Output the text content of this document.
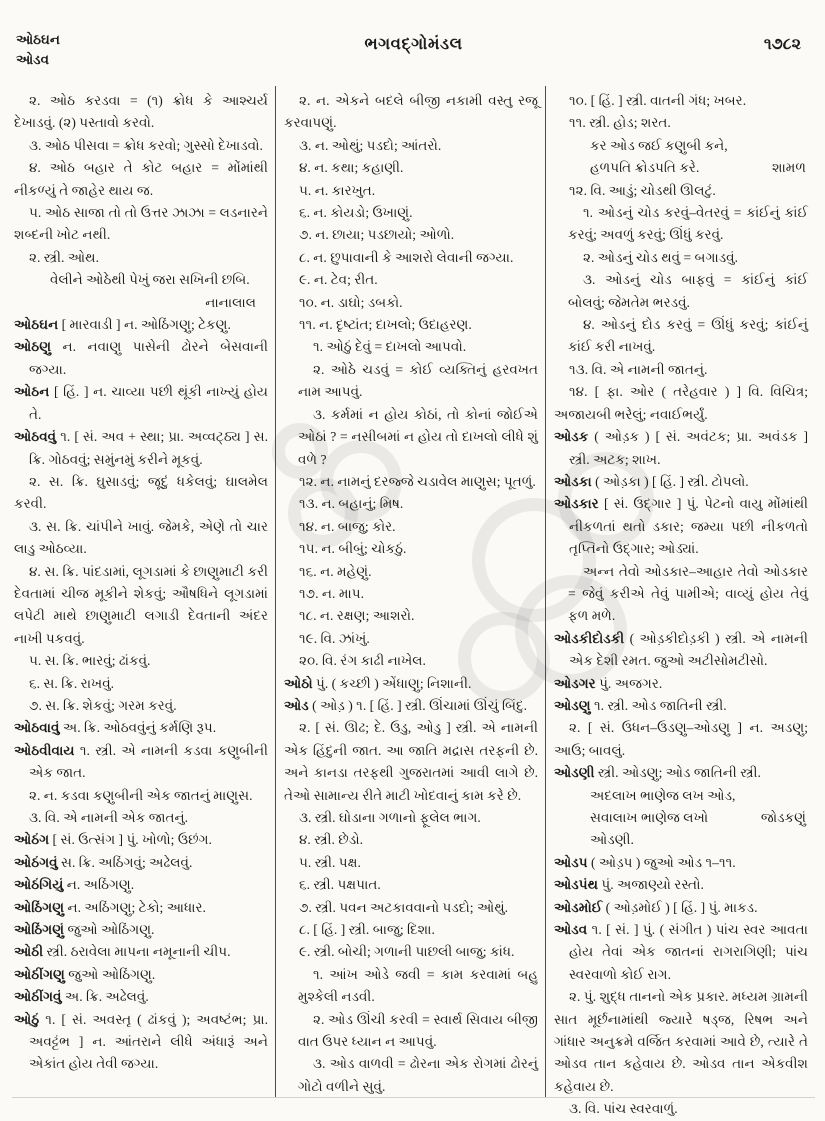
ઓઠઘન
ઓડવ
ભગવદ્ગોમંડલ	૧૭૮૨

૨. ઓઠ કરડવા = (૧) ક્રોધ કે આશ્ચર્ય દેખાડવું. (૨) પસ્તાવો કરવો.

૩. ઓઠ પીસવા = ક્રોધ કરવો; ગુસ્સો દેખાડવો.

૪. ઓઠ બહાર તે કોટ બહાર = મોંમાંથી નીકળ્યું તે જાહેર થાય જ.

૫. ઓઠ સાજા તો તો ઉત્તર ઝાઝા = લડનારને શબ્દની ખોટ નથી.

૨. સ્ત્રી. ઓથ.

વેલીને ઓઠેથી પેખું જરા સખિની છબિ.
નાનાલાલ

ઓઠઘન [ મારવાડી ] ન. ઓઠિંગણુ; ટેકણુ.

ઓઠણુ ન. નવાણુ પાસેની ઢોરને બેસવાની જગ્યા.

ઓઠન [ હિં. ] ન. ચાવ્યા પછી થૂંકી નાખ્યું હોય તે.

ઓઠવવું ૧. [ સં. અવ + સ્થા; પ્રા. અવ્વટ્ઠ્ય ] સ. ક્રિ. ગોઠવવું; સમુંનમું કરીને મૂકવું.

૨. સ. ક્રિ. ઘુસાડવું; જૂદું ધકેલવું; ઘાલમેલ કરવી.

૩. સ. ક્રિ. ચાંપીને ખાવું. જેમકે, એણે તો ચાર લાડુ ઓઠવ્યા.

૪. સ. ક્રિ. પાંદડામાં, લૂગડામાં કે છાણુમાટી કરી દેવતામાં ચીજ મૂકીને શેકવું; ઔષધિને લૂગડામાં લપેટી માથે છાણુમાટી લગાડી દેવતાની અંદર નાખી પકવવું.

૫. સ. ક્રિ. ભારવું; ઢાંકવું.

૬. સ. ક્રિ. રાખવું.

૭. સ. ક્રિ. શેકવું; ગરમ કરવું.

ઓઠવાવું અ. ક્રિ. ઓઠવવુંનું કર્મણિ રૂપ.

ઓઠવીવાય ૧. સ્ત્રી. એ નામની કડવા કણુબીની એક જાત.

૨. ન. કડવા કણુબીની એક જાતનું માણુસ.

૩. વિ. એ નામની એક જાતનું.

ઓઠંગ [ સં. ઉત્સંગ ] પું. ખોળો; ઉછંગ.

ઓઠંગવું સ. ક્રિ. અઠિંગવું; અઢેલવું.

ઓઠંગિયું ન. અઠિંગણુ.

ઓઠિંગણુ ન. અઠિંગણુ; ટેકો; આધાર.

ઓઠિંગણું જુઓ ઓઠિંગણુ.

ઓઠી સ્ત્રી. ઠરાવેલા માપના નમૂનાની ચીપ.

ઓઠીંગણુ જુઓ ઓઠિંગણુ.

ઓઠીંગવું અ. ક્રિ. અઢેલવું.

ઓઠું ૧. [ સં. અવસ્તૃ ( ઢાંકવું ); અવષ્ટંભ; પ્રા. અવટ્ટંભ ] ન. આંતરાને લીધે અંધારૂં અને એકાંત હોય તેવી જગ્યા.

૨. ન. એકને બદલે બીજી નકામી વસ્તુ રજૂ કરવાપણું.

૩. ન. ઓથું; પડદો; આંતરો.

૪. ન. કથા; કહાણી.

૫. ન. કારખુત.

૬. ન. કોયડો; ઉખાણું.

૭. ન. છાયા; પડછાયો; ઓળો.

૮. ન. છુપાવાની કે આશરો લેવાની જગ્યા.

૯. ન. ટેવ; રીત.

૧૦. ન. ડાઘો; ડબકો.

૧૧. ન. દૃષ્ટાંત; દાખલો; ઉદાહરણ.

૧. ઓઠું દેવું = દાખલો આપવો.

૨. ઓઠે ચડવું = કોઈ વ્યક્તિનું હરવખત નામ આપવું.

૩. કર્મમાં ન હોય કોઠાં, તો કોનાં જોઈએ ઓઠાં ? = નસીબમાં ન હોય તો દાખલો લીધે શું વળે ?

૧૨. ન. નામનું દરજ્જે ચડાવેલ માણુસ; પૂતળું.

૧૩. ન. બહાનું; મિષ.

૧૪. ન. બાજુ; કોર.

૧૫. ન. બીબું; ચોકઠું.

૧૬. ન. મહેણું.

૧૭. ન. માપ.

૧૮. ન. રક્ષણ; આશરો.

૧૯. વિ. ઝાંખું.

૨૦. વિ. રંગ કાઢી નાખેલ.

ઓઠો પું. ( કચ્છી ) એંધાણુ; નિશાની.

ઓડ ( ઓડ઼ ) ૧. [ હિં. ] સ્ત્રી. ઊંચામાં ઊંચું બિંદુ.

૨. [ સં. ઊઢ; દે. ઉડુ, ઓડુ ] સ્ત્રી. એ નામની એક હિંદુની જાત. આ જાતિ મદ્રાસ તરફની છે. અને કાનડા તરફથી ગુજરાતમાં આવી લાગે છે. તેઓ સામાન્ય રીતે માટી ખોદવાનું કામ કરે છે.

૩. સ્ત્રી. ઘોડાના ગળાનો ફૂલેલ ભાગ.

૪. સ્ત્રી. છેડો.

૫. સ્ત્રી. પક્ષ.

૬. સ્ત્રી. પક્ષપાત.

૭. સ્ત્રી. પવન અટકાવવાનો પડદો; ઓથું.

૮. [ હિં. ] સ્ત્રી. બાજુ; દિશા.

૯. સ્ત્રી. બોચી; ગળાની પાછલી બાજુ; કાંધ.

૧. આંખ ઓડે જવી = કામ કરવામાં બહુ મુશ્કેલી નડવી.

૨. ઓડ ઊંચી કરવી = સ્વાર્થ સિવાય બીજી વાત ઉપર ધ્યાન ન આપવું.

૩. ઓડ વાળવી = ઢોરના એક રોગમાં ઢોરનું ગોટો વળીને સુવું.

૧૦. [ હિં. ] સ્ત્રી. વાતની ગંધ; ખબર.

૧૧. સ્ત્રી. હોડ; શરત.

કર ઓડ જઈ કણુબી કને,
શામળ
હળપતિ ક્રોડપતિ કરે.

૧૨. વિ. આડું; ચોડથી ઊલટું.

૧. ઓડનું ચોડ કરવું–વેતરવું = કાંઈનું કાંઈ કરવું; અવળું કરવું; ઊંધું કરવું.

૨. ઓડનું ચોડ થવું = બગાડવું.

૩. ઓડનું ચોડ બાફવું = કાંઈનું કાંઈ બોલવું; જેમતેમ ભરડવું.

૪. ઓડનું દોડ કરવું = ઊંધું કરવું; કાંઈનું કાંઈ કરી નાખવું.

૧૩. વિ. એ નામની જાતનું.

૧૪. [ ફા. ઓર ( તરેહવાર ) ] વિ. વિચિત્ર; અજાયબી ભરેલું; નવાઈભર્યું.

ઓડક ( ઓડ઼ક ) [ સં. અવંટક; પ્રા. અવંડક ] સ્ત્રી. અટક; શાખ.

ઓડકા ( ઓડ઼કા ) [ હિં. ] સ્ત્રી. ટોપલો.

ઓડકાર [ સં. ઉદ્ગાર ] પું. પેટનો વાયુ મોંમાંથી નીકળતાં થતો ડકાર; જમ્યા પછી નીકળતો તૃપ્તિનો ઉદ્ગાર; ઓડ્યાં.

અન્ન તેવો ઓડકાર–આહાર તેવો ઓડકાર = જેવું કરીએ તેવું પામીએ; વાવ્યું હોય તેવું ફળ મળે.

ઓડકીદોડકી ( ઓડ઼કીદોડ઼કી ) સ્ત્રી. એ નામની એક દેશી રમત. જુઓ અટીસોમટીસો.

ઓડગર પું. અજગર.

ઓડણુ ૧. સ્ત્રી. ઓડ જાતિની સ્ત્રી.

૨. [ સં. ઉધન–ઉડણુ–ઓડણુ ] ન. અડણુ; આઉ; બાવલું.

ઓડણી સ્ત્રી. ઓડણુ; ઓડ જાતિની સ્ત્રી.

અદલાખ ભાણેજ લખ ઓડ,
જોડકણું
સવાલાખ ભાણેજ લખો ઓડણી.

ઓડપ ( ઓડ઼પ ) જુઓ ઓડ ૧–૧૧.

ઓડપંથ પું. અજાણ્યો રસ્તો.

ઓડમોઈ ( ઓડ઼મોઈ ) [ હિં. ] પું. માકડ.

ઓડવ ૧. [ સં. ] પું. ( સંગીત ) પાંચ સ્વર આવતા હોય તેવાં એક જાતનાં રાગરાગિણી; પાંચ સ્વરવાળો કોઈ રાગ.

૨. પું. શુદ્ધ તાનનો એક પ્રકાર. મધ્યમ ગ્રામની સાત મૂર્છનામાંથી જ્યારે ષડ્જ, રિષભ અને ગાંધાર અનુક્રમે વર્જિત કરવામાં આવે છે, ત્યારે તે ઓડવ તાન કહેવાય છે. ઓડવ તાન એકવીશ કહેવાય છે.

૩. વિ. પાંચ સ્વરવાળું.
